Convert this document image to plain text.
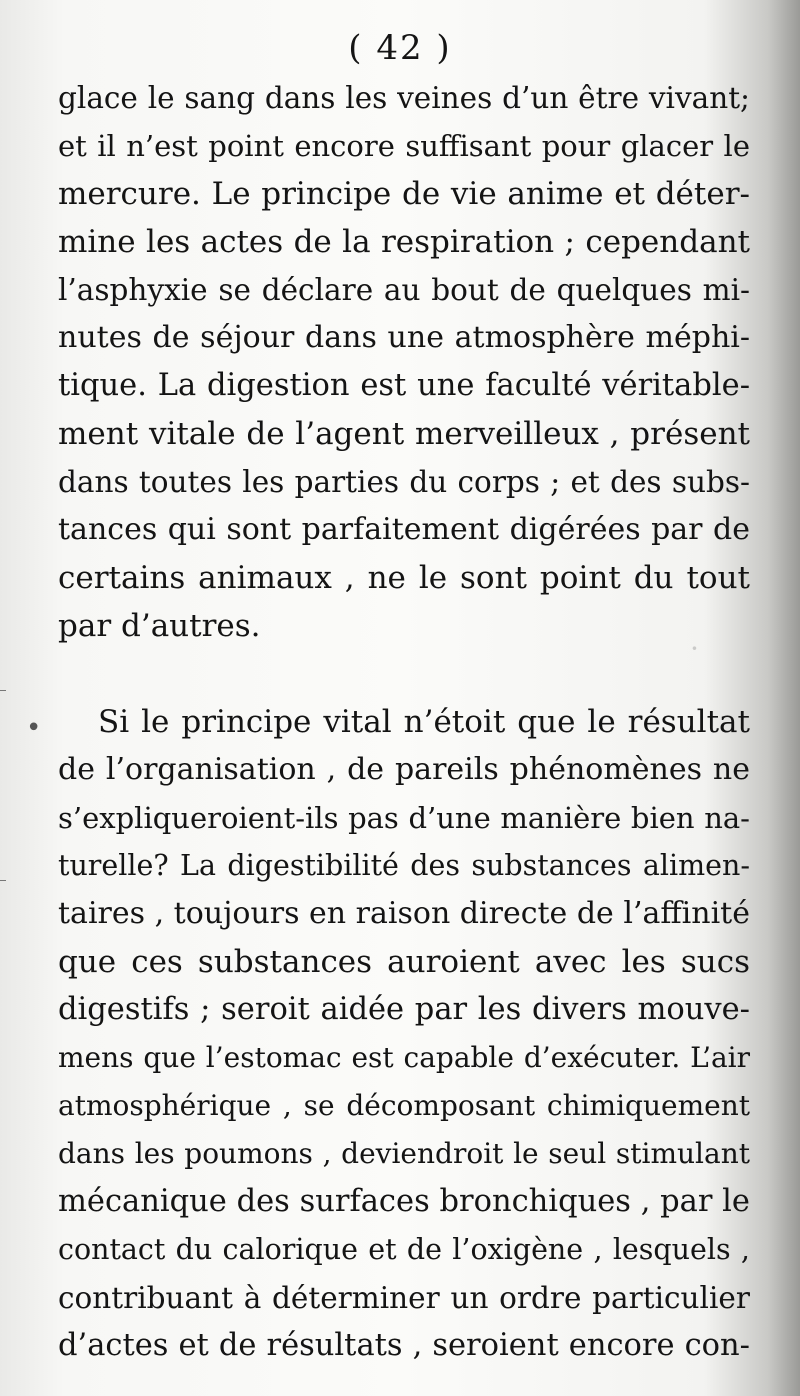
( 42 )
·
glace le sang dans les veines d’un être vivant;
et il n’est point encore suffisant pour glacer le
mercure. Le principe de vie anime et déter-
mine les actes de la respiration ; cependant
l’asphyxie se déclare au bout de quelques mi-
nutes de séjour dans une atmosphère méphi-
tique. La digestion est une faculté véritable-
ment vitale de l’agent merveilleux , présent
dans toutes les parties du corps ; et des subs-
tances qui sont parfaitement digérées par de
certains animaux , ne le sont point du tout
par d’autres.
• Si le principe vital n’étoit que le résultat
de l’organisation , de pareils phénomènes ne
s’expliqueroient-ils pas d’une manière bien na-
turelle? La digestibilité des substances alimen-
taires , toujours en raison directe de l’affinité
que ces substances auroient avec les sucs
digestifs ; seroit aidée par les divers mouve-
mens que l’estomac est capable d’exécuter. L’air
atmosphérique , se décomposant chimiquement
dans les poumons , deviendroit le seul stimulant
mécanique des surfaces bronchiques , par le
contact du calorique et de l’oxigène , lesquels ,
contribuant à déterminer un ordre particulier
d’actes et de résultats , seroient encore con-
